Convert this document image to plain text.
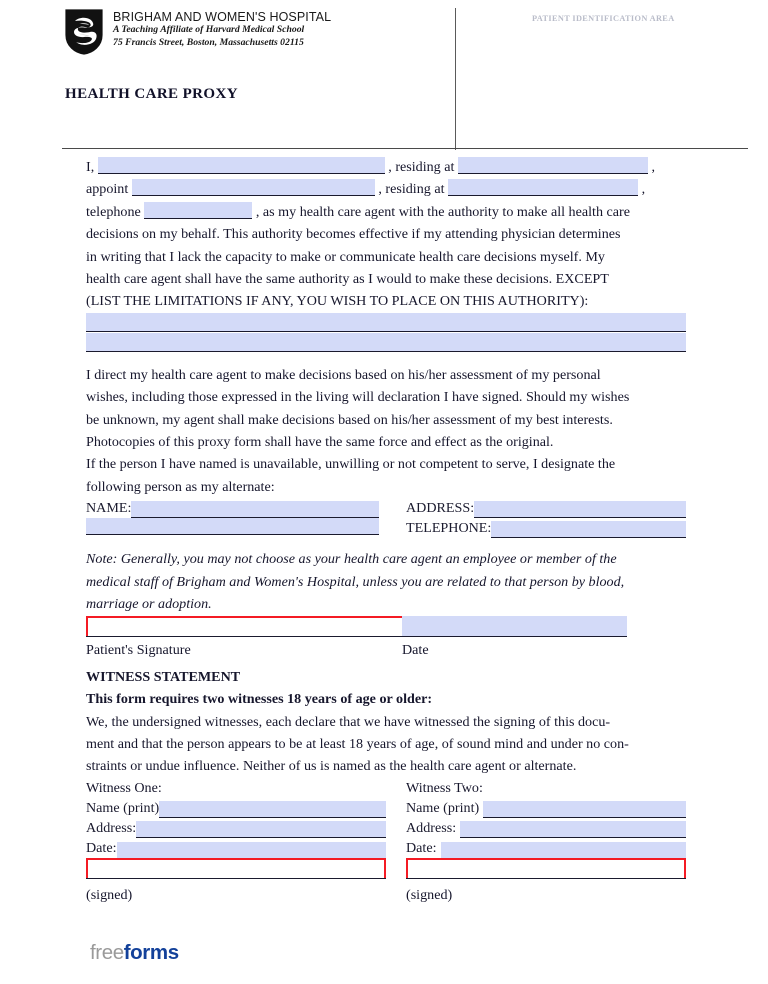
BRIGHAM AND WOMEN'S HOSPITAL
A Teaching Affiliate of Harvard Medical School
75 Francis Street, Boston, Massachusetts 02115
PATIENT IDENTIFICATION AREA
HEALTH CARE PROXY
I,	, residing at	,
appoint	, residing at	,
telephone	, as my health care agent with the authority to make all health care
decisions on my behalf. This authority becomes effective if my attending physician determines
in writing that I lack the capacity to make or communicate health care decisions myself. My
health care agent shall have the same authority as I would to make these decisions. EXCEPT
(LIST THE LIMITATIONS IF ANY, YOU WISH TO PLACE ON THIS AUTHORITY):
I direct my health care agent to make decisions based on his/her assessment of my personal
wishes, including those expressed in the living will declaration I have signed. Should my wishes
be unknown, my agent shall make decisions based on his/her assessment of my best interests.
Photocopies of this proxy form shall have the same force and effect as the original.
If the person I have named is unavailable, unwilling or not competent to serve, I designate the
following person as my alternate:
NAME:	ADDRESS:
TELEPHONE:
Note: Generally, you may not choose as your health care agent an employee or member of the
medical staff of Brigham and Women's Hospital, unless you are related to that person by blood,
marriage or adoption.
Patient's Signature	Date
WITNESS STATEMENT
This form requires two witnesses 18 years of age or older:
We, the undersigned witnesses, each declare that we have witnessed the signing of this docu-
ment and that the person appears to be at least 18 years of age, of sound mind and under no con-
straints or undue influence. Neither of us is named as the health care agent or alternate.
Witness One:	Witness Two:
Name (print)	Name (print)
Address:	Address:
Date:	Date:
(signed)	(signed)
freeforms
